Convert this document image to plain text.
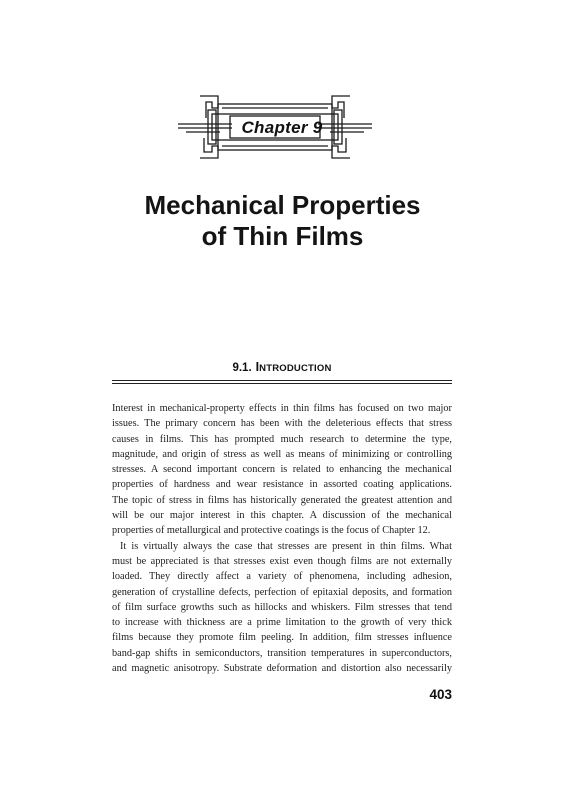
Chapter 9
Mechanical Properties
of Thin Films
9.1. INTRODUCTION
Interest in mechanical-property effects in thin films has focused on two major
issues. The primary concern has been with the deleterious effects that stress
causes in films. This has prompted much research to determine the type,
magnitude, and origin of stress as well as means of minimizing or controlling
stresses. A second important concern is related to enhancing the mechanical
properties of hardness and wear resistance in assorted coating applications.
The topic of stress in films has historically generated the greatest attention and
will be our major interest in this chapter. A discussion of the mechanical
properties of metallurgical and protective coatings is the focus of Chapter 12.
It is virtually always the case that stresses are present in thin films. What
must be appreciated is that stresses exist even though films are not externally
loaded. They directly affect a variety of phenomena, including adhesion,
generation of crystalline defects, perfection of epitaxial deposits, and formation
of film surface growths such as hillocks and whiskers. Film stresses that tend
to increase with thickness are a prime limitation to the growth of very thick
films because they promote film peeling. In addition, film stresses influence
band-gap shifts in semiconductors, transition temperatures in superconductors,
and magnetic anisotropy. Substrate deformation and distortion also necessarily
403
